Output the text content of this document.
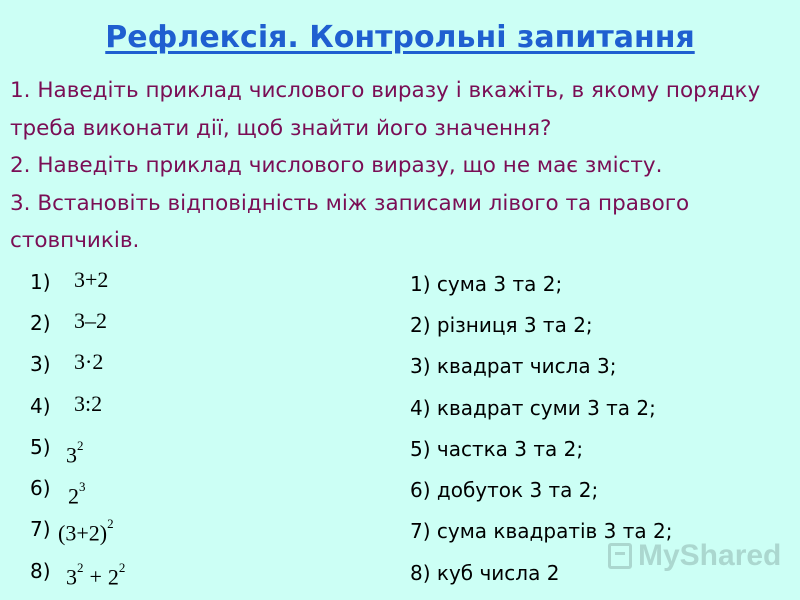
Рефлексія. Контрольні запитання

1. Наведіть приклад числового виразу і вкажіть, в якому порядку треба виконати дії, щоб знайти його значення?

2. Наведіть приклад числового виразу, що не має змісту.

3. Встановіть відповідність між записами лівого та правого стовпчиків.

1) 3+2
2) 3–2
3) 3·2
4) 3:2
5) $3^2$
6) $2^3$
7) $(3+2)^2$
8) $3^2 + 2^2$
1) сума 3 та 2;
2) різниця 3 та 2;
3) квадрат числа 3;
4) квадрат суми 3 та 2;
5) частка 3 та 2;
6) добуток 3 та 2;
7) сума квадратів 3 та 2;
8) куб числа 2
MyShared
